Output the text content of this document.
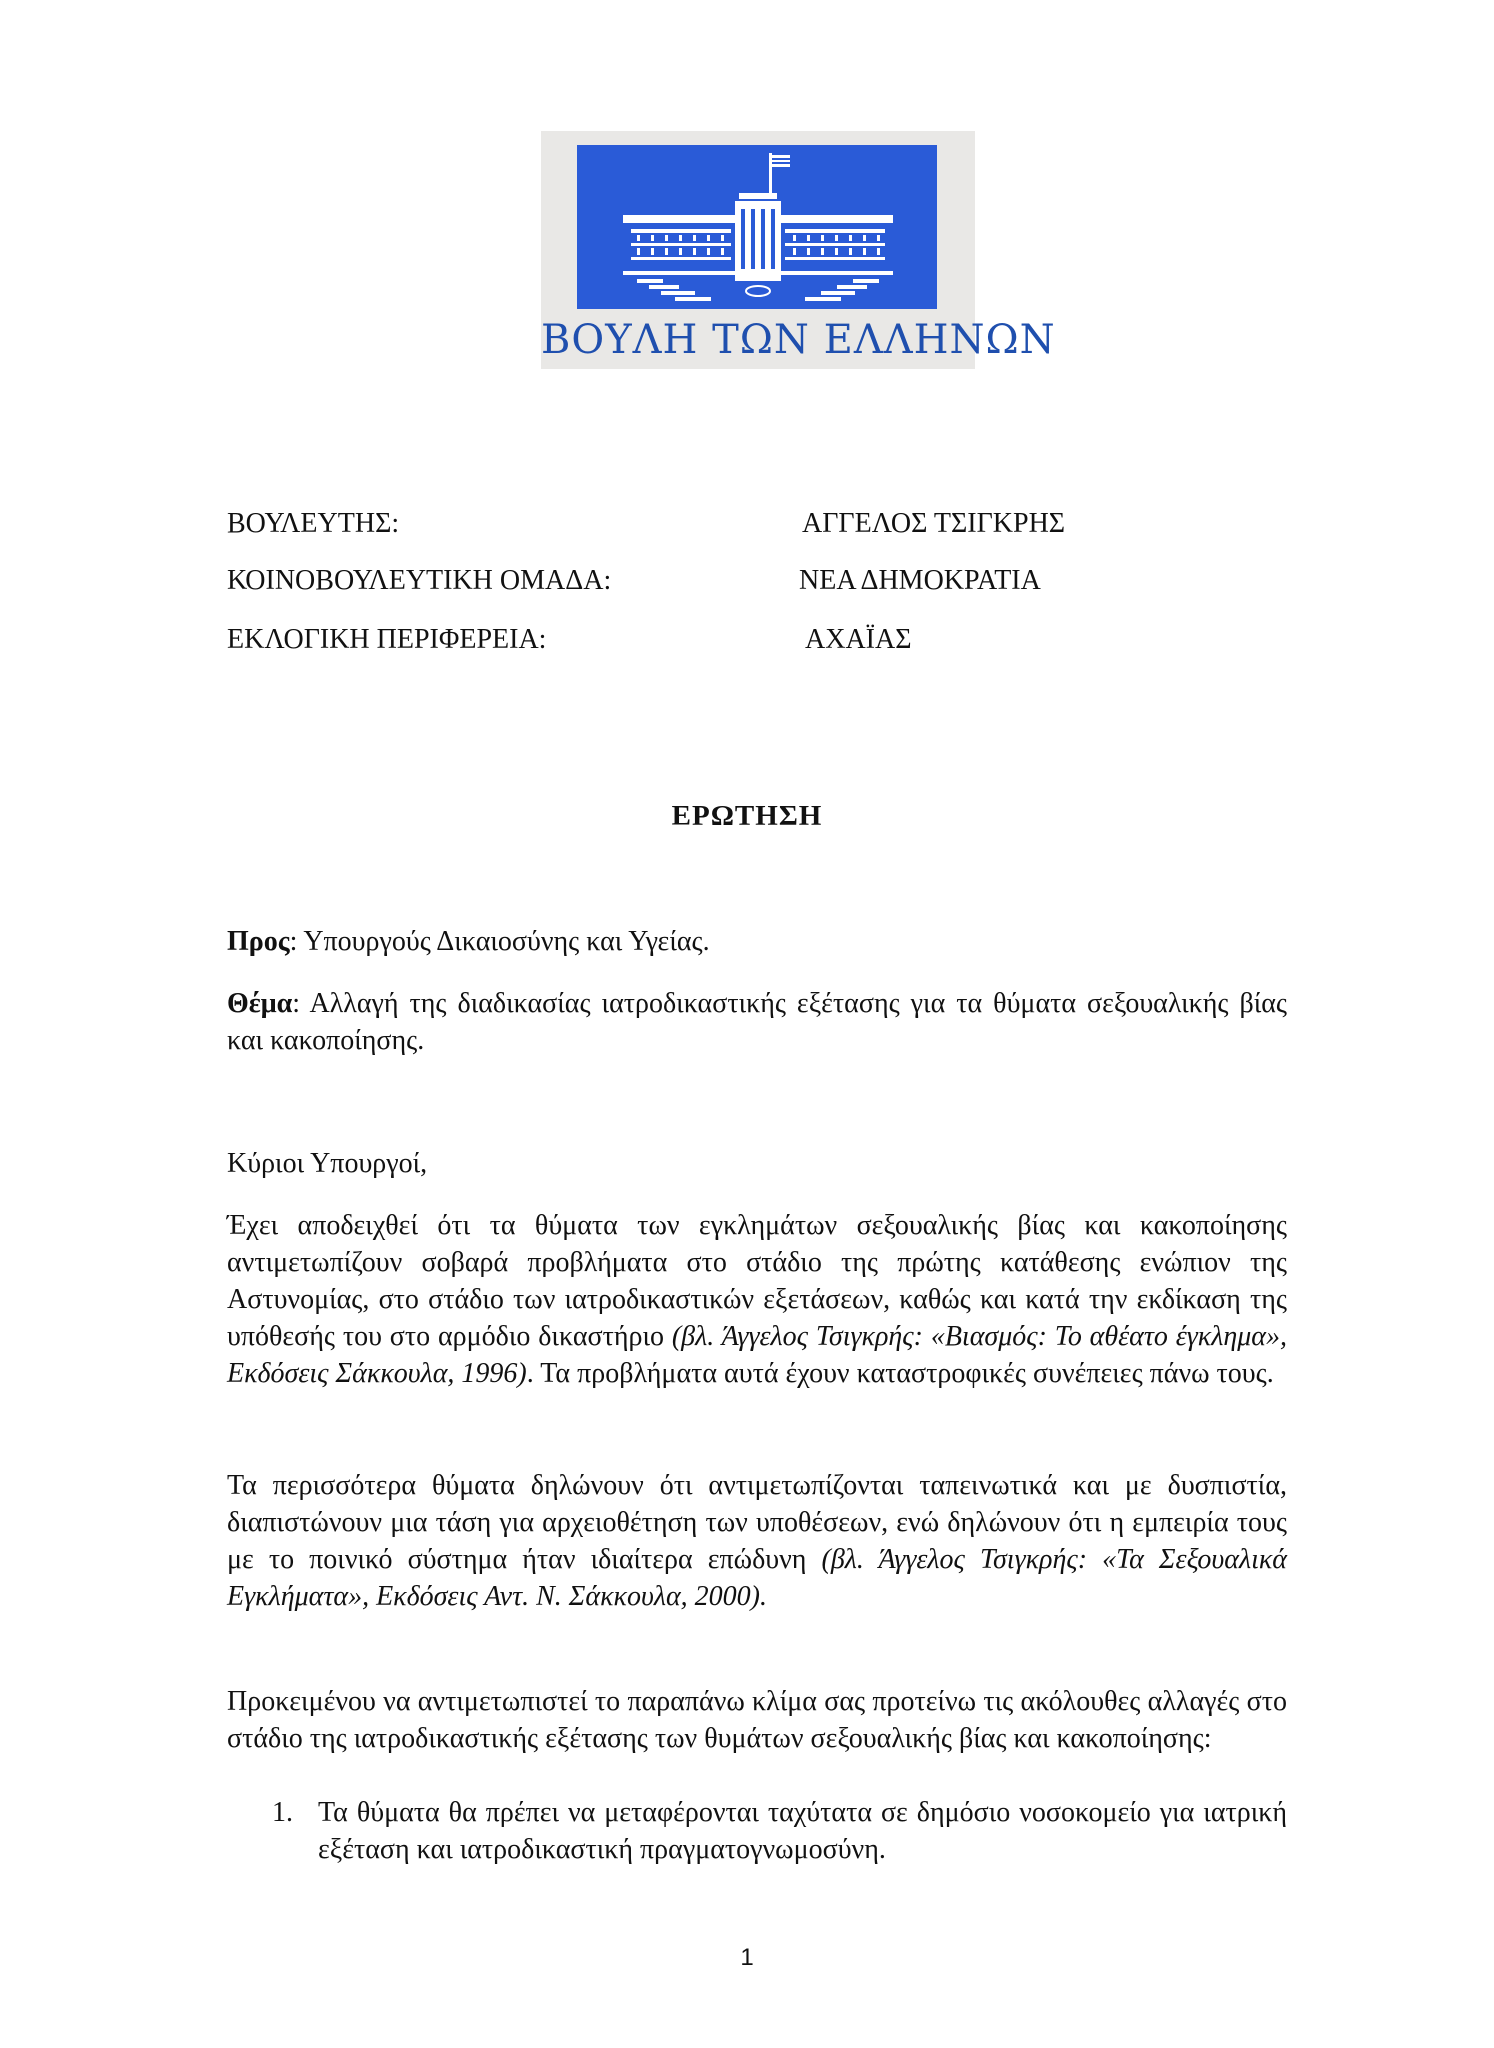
ΒΟΥΛΗ ΤΩΝ ΕΛΛΗΝΩΝ
ΒΟΥΛΕΥΤΗΣ:	ΑΓΓΕΛΟΣ ΤΣΙΓΚΡΗΣ
ΚΟΙΝΟΒΟΥΛΕΥΤΙΚΗ ΟΜΑΔΑ:	ΝΕΑ ΔΗΜΟΚΡΑΤΙΑ
ΕΚΛΟΓΙΚΗ ΠΕΡΙΦΕΡΕΙΑ:	ΑΧΑΪΑΣ
ΕΡΩΤΗΣΗ
Προς: Υπουργούς Δικαιοσύνης και Υγείας.
Θέμα: Αλλαγή της διαδικασίας ιατροδικαστικής εξέτασης για τα θύματα σεξουαλικής βίας και κακοποίησης.
Κύριοι Υπουργοί,
Έχει αποδειχθεί ότι τα θύματα των εγκλημάτων σεξουαλικής βίας και κακοποίησης αντιμετωπίζουν σοβαρά προβλήματα στο στάδιο της πρώτης κατάθεσης ενώπιον της Αστυνομίας, στο στάδιο των ιατροδικαστικών εξετάσεων, καθώς και κατά την εκδίκαση της υπόθεσής του στο αρμόδιο δικαστήριο (βλ. Άγγελος Τσιγκρής: «Βιασμός: Το αθέατο έγκλημα», Εκδόσεις Σάκκουλα, 1996). Τα προβλήματα αυτά έχουν καταστροφικές συνέπειες πάνω τους.
Τα περισσότερα θύματα δηλώνουν ότι αντιμετωπίζονται ταπεινωτικά και με δυσπιστία, διαπιστώνουν μια τάση για αρχειοθέτηση των υποθέσεων, ενώ δηλώνουν ότι η εμπειρία τους με το ποινικό σύστημα ήταν ιδιαίτερα επώδυνη (βλ. Άγγελος Τσιγκρής: «Τα Σεξουαλικά Εγκλήματα», Εκδόσεις Αντ. Ν. Σάκκουλα, 2000).
Προκειμένου να αντιμετωπιστεί το παραπάνω κλίμα σας προτείνω τις ακόλουθες αλλαγές στο στάδιο της ιατροδικαστικής εξέτασης των θυμάτων σεξουαλικής βίας και κακοποίησης:
1. Τα θύματα θα πρέπει να μεταφέρονται ταχύτατα σε δημόσιο νοσοκομείο για ιατρική εξέταση και ιατροδικαστική πραγματογνωμοσύνη.
1
